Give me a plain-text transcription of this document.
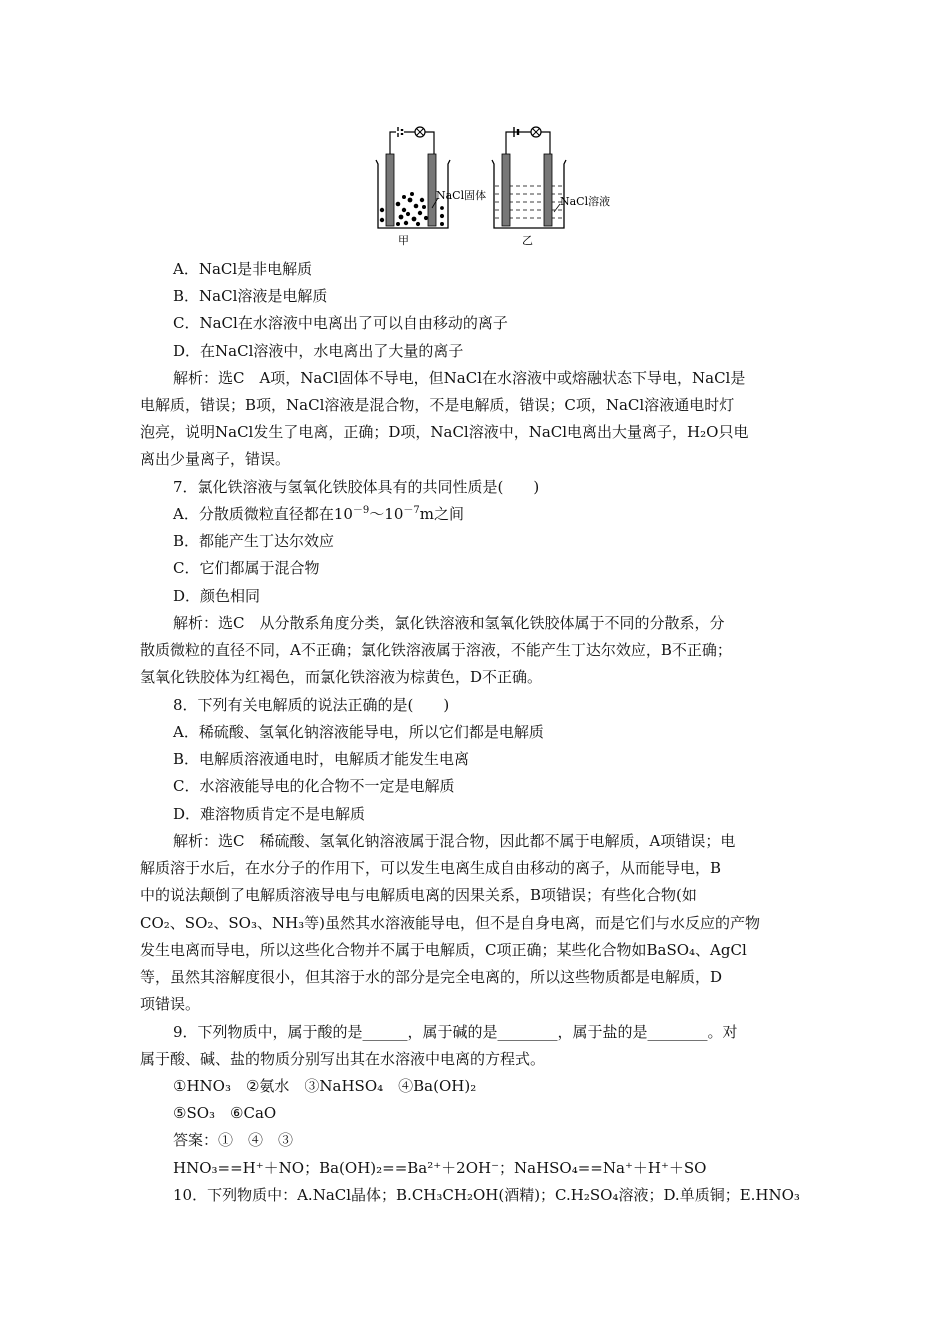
NaCl固体
甲
NaCl溶液
乙
A．NaCl是非电解质
B．NaCl溶液是电解质
C．NaCl在水溶液中电离出了可以自由移动的离子
D．在NaCl溶液中，水电离出了大量的离子
解析：选C　A项，NaCl固体不导电，但NaCl在水溶液中或熔融状态下导电，NaCl是
电解质，错误；B项，NaCl溶液是混合物，不是电解质，错误；C项，NaCl溶液通电时灯
泡亮，说明NaCl发生了电离，正确；D项，NaCl溶液中，NaCl电离出大量离子，H₂O只电
离出少量离子，错误。
7．氯化铁溶液与氢氧化铁胶体具有的共同性质是(　　)
A．分散质微粒直径都在$10^{-9}\sim 10^{-7}m$之间
B．都能产生丁达尔效应
C．它们都属于混合物
D．颜色相同
解析：选C　从分散系角度分类，氯化铁溶液和氢氧化铁胶体属于不同的分散系，分
散质微粒的直径不同，A不正确；氯化铁溶液属于溶液，不能产生丁达尔效应，B不正确；
氢氧化铁胶体为红褐色，而氯化铁溶液为棕黄色，D不正确。
8．下列有关电解质的说法正确的是(　　)
A．稀硫酸、氢氧化钠溶液能导电，所以它们都是电解质
B．电解质溶液通电时，电解质才能发生电离
C．水溶液能导电的化合物不一定是电解质
D．难溶物质肯定不是电解质
解析：选C　稀硫酸、氢氧化钠溶液属于混合物，因此都不属于电解质，A项错误；电
解质溶于水后，在水分子的作用下，可以发生电离生成自由移动的离子，从而能导电，B
中的说法颠倒了电解质溶液导电与电解质电离的因果关系，B项错误；有些化合物(如
CO₂、SO₂、SO₃、NH₃等)虽然其水溶液能导电，但不是自身电离，而是它们与水反应的产物
发生电离而导电，所以这些化合物并不属于电解质，C项正确；某些化合物如BaSO₄、AgCl
等，虽然其溶解度很小，但其溶于水的部分是完全电离的，所以这些物质都是电解质，D
项错误。
9．下列物质中，属于酸的是______，属于碱的是________，属于盐的是________。对
属于酸、碱、盐的物质分别写出其在水溶液中电离的方程式。
①HNO₃　②氨水　③NaHSO₄　④Ba(OH)₂
⑤SO₃　⑥CaO
答案：①　④　③
HNO₃==H⁺＋NO；Ba(OH)₂==Ba²⁺＋2OH⁻；NaHSO₄==Na⁺＋H⁺＋SO
10．下列物质中：A.NaCl晶体；B.CH₃CH₂OH(酒精)；C.H₂SO₄溶液；D.单质铜；E.HNO₃
